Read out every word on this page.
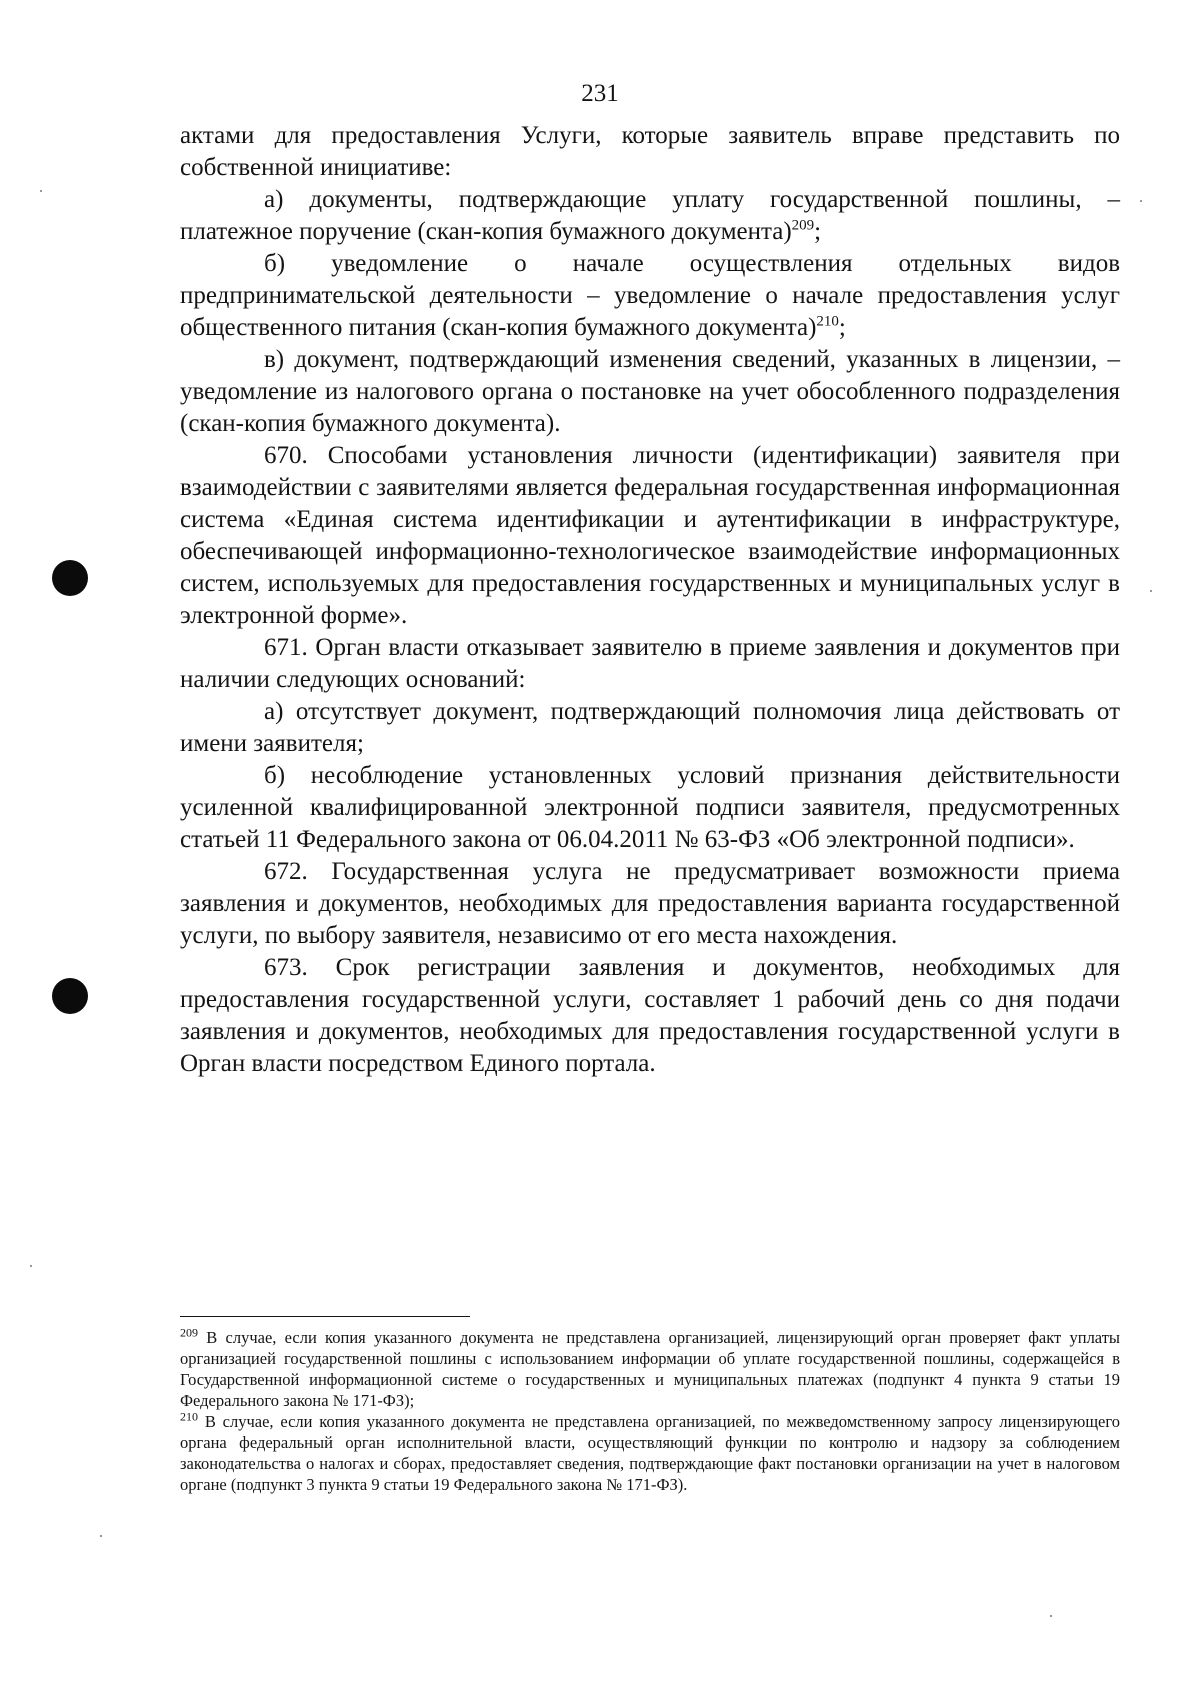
231

актами для предоставления Услуги, которые заявитель вправе представить по собственной инициативе:

а) документы, подтверждающие уплату государственной пошлины, – платежное поручение (скан-копия бумажного документа)$^{209}$;

б) уведомление о начале осуществления отдельных видов предпринимательской деятельности – уведомление о начале предоставления услуг общественного питания (скан-копия бумажного документа)$^{210}$;

в) документ, подтверждающий изменения сведений, указанных в лицензии, – уведомление из налогового органа о постановке на учет обособленного подразделения (скан-копия бумажного документа).

670. Способами установления личности (идентификации) заявителя при взаимодействии с заявителями является федеральная государственная информационная система «Единая система идентификации и аутентификации в инфраструктуре, обеспечивающей информационно-технологическое взаимодействие информационных систем, используемых для предоставления государственных и муниципальных услуг в электронной форме».

671. Орган власти отказывает заявителю в приеме заявления и документов при наличии следующих оснований:

а) отсутствует документ, подтверждающий полномочия лица действовать от имени заявителя;

б) несоблюдение установленных условий признания действительности усиленной квалифицированной электронной подписи заявителя, предусмотренных статьей 11 Федерального закона от 06.04.2011 № 63-ФЗ «Об электронной подписи».

672. Государственная услуга не предусматривает возможности приема заявления и документов, необходимых для предоставления варианта государственной услуги, по выбору заявителя, независимо от его места нахождения.

673. Срок регистрации заявления и документов, необходимых для предоставления государственной услуги, составляет 1 рабочий день со дня подачи заявления и документов, необходимых для предоставления государственной услуги в Орган власти посредством Единого портала.

$^{209}$ В случае, если копия указанного документа не представлена организацией, лицензирующий орган проверяет факт уплаты организацией государственной пошлины с использованием информации об уплате государственной пошлины, содержащейся в Государственной информационной системе о государственных и муниципальных платежах (подпункт 4 пункта 9 статьи 19 Федерального закона № 171-ФЗ);

$^{210}$ В случае, если копия указанного документа не представлена организацией, по межведомственному запросу лицензирующего органа федеральный орган исполнительной власти, осуществляющий функции по контролю и надзору за соблюдением законодательства о налогах и сборах, предоставляет сведения, подтверждающие факт постановки организации на учет в налоговом органе (подпункт 3 пункта 9 статьи 19 Федерального закона № 171-ФЗ).
